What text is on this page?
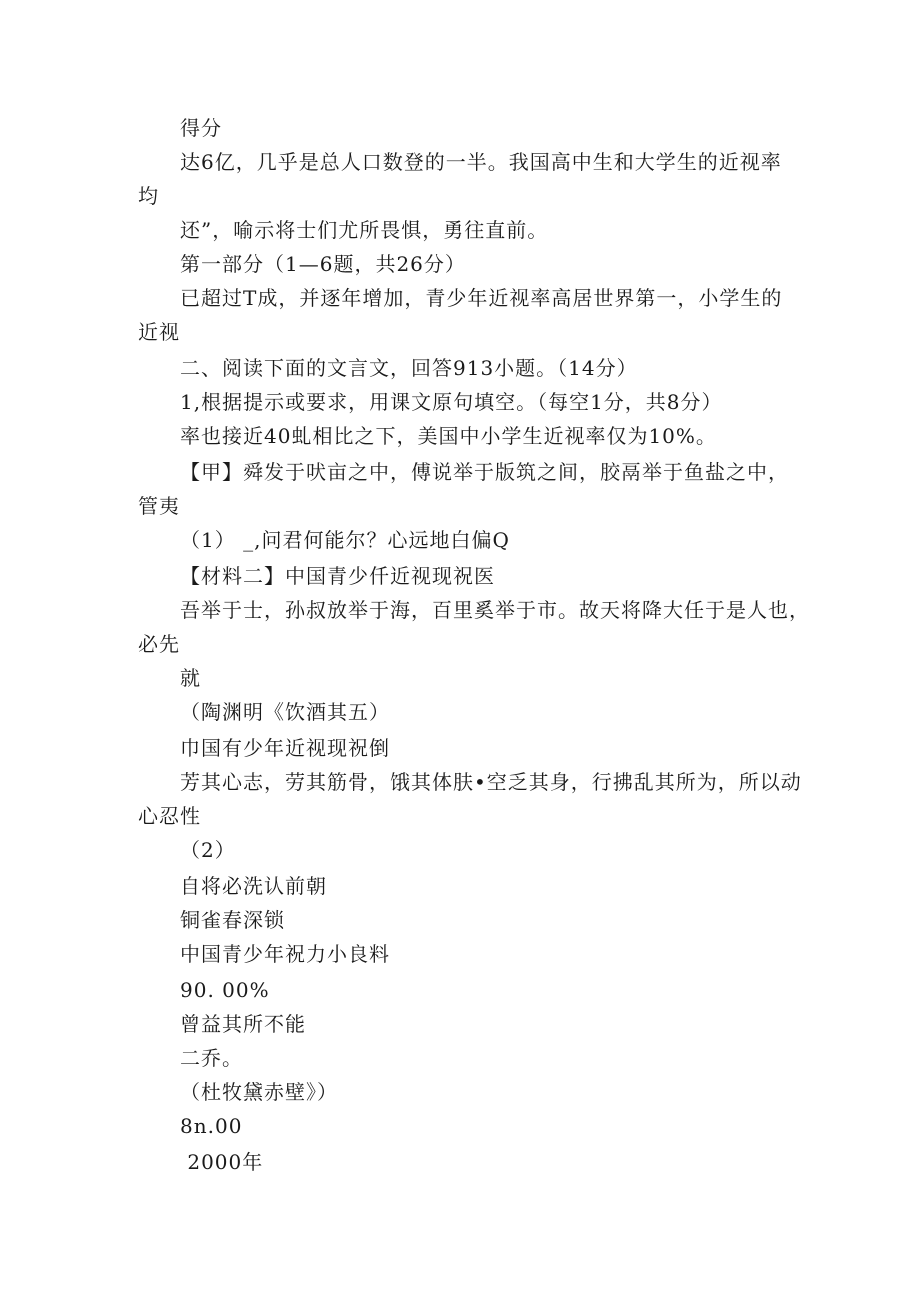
得分
达6亿，几乎是总人口数登的一半。我国高中生和大学生的近视率
均
还”，喻示将士们尤所畏惧，勇往直前。
第一部分（1—6题，共26分）
已超过T成，并逐年增加，青少年近视率高居世界第一，小学生的
近视
二、阅读下面的文言文，回答913小题。（14分）
1,根据提示或要求，用课文原句填空。（每空1分，共8分）
率也接近40虬相比之下，美国中小学生近视率仅为10%。
【甲】舜发于吠亩之中，傅说举于版筑之间，胶鬲举于鱼盐之中，
管夷
（1） _,问君何能尔？心远地白偏Q
【材料二】中国青少仟近视现祝医
吾举于士，孙叔放举于海，百里奚举于市。故天将降大任于是人也，
必先
就
（陶渊明《饮酒其五）
巾国有少年近视现祝倒
芳其心志，劳其筋骨，饿其体肤•空乏其身，行拂乱其所为，所以动
心忍性
（2）
自将必洗认前朝
铜雀春深锁
中国青少年祝力小良料
90. 00%
曾益其所不能
二乔。
（杜牧黛赤壁》）
8n.00
2000年
